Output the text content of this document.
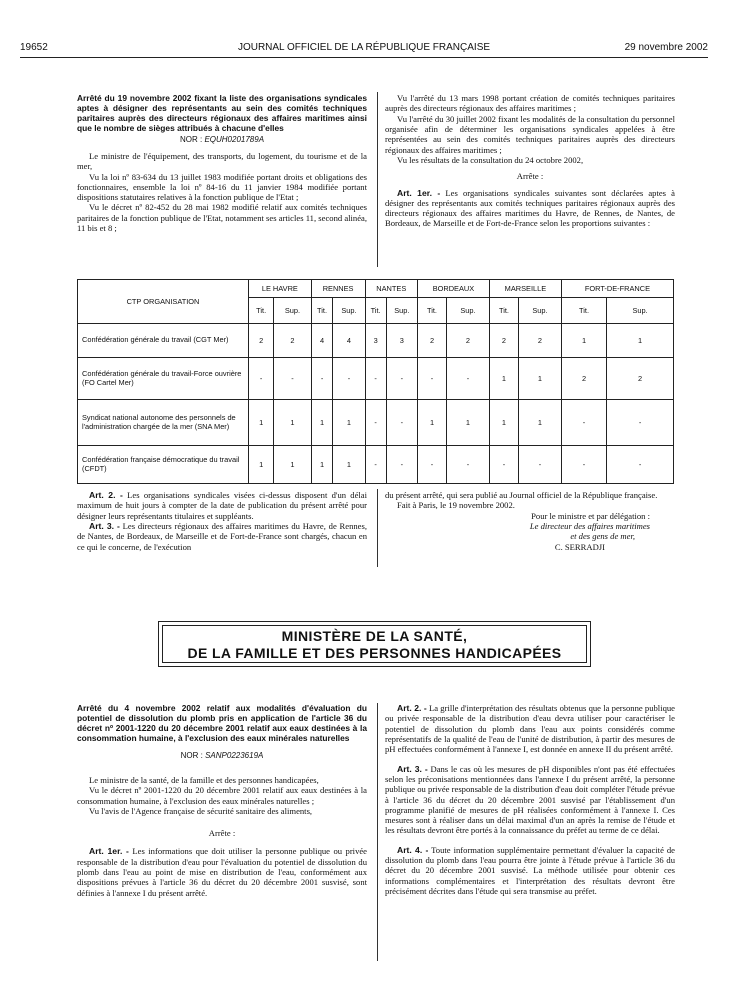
19652	JOURNAL OFFICIEL DE LA RÉPUBLIQUE FRANÇAISE	29 novembre 2002

Arrêté du 19 novembre 2002 fixant la liste des organisations syndicales aptes à désigner des représentants au sein des comités techniques paritaires auprès des directeurs régionaux des affaires maritimes ainsi que le nombre de sièges attribués à chacune d'elles

NOR : EQUH0201789A

Le ministre de l'équipement, des transports, du logement, du tourisme et de la mer,

Vu la loi nº 83-634 du 13 juillet 1983 modifiée portant droits et obligations des fonctionnaires, ensemble la loi nº 84-16 du 11 janvier 1984 modifiée portant dispositions statutaires relatives à la fonction publique de l'Etat ;

Vu le décret nº 82-452 du 28 mai 1982 modifié relatif aux comités techniques paritaires de la fonction publique de l'Etat, notamment ses articles 11, second alinéa, 11 bis et 8 ;

Vu l'arrêté du 13 mars 1998 portant création de comités techniques paritaires auprès des directeurs régionaux des affaires maritimes ;

Vu l'arrêté du 30 juillet 2002 fixant les modalités de la consultation du personnel organisée afin de déterminer les organisations syndicales appelées à être représentées au sein des comités techniques paritaires auprès des directeurs régionaux des affaires maritimes ;

Vu les résultats de la consultation du 24 octobre 2002,

Arrête :

Art. 1er. - Les organisations syndicales suivantes sont déclarées aptes à désigner des représentants aux comités techniques paritaires régionaux auprès des directeurs régionaux des affaires maritimes du Havre, de Rennes, de Nantes, de Bordeaux, de Marseille et de Fort-de-France selon les proportions suivantes :

CTP ORGANISATION	LE HAVRE		RENNES		NANTES		BORDEAUX		MARSEILLE		FORT-DE-FRANCE	
	Tit.	Sup.	Tit.	Sup.	Tit.	Sup.	Tit.	Sup.	Tit.	Sup.	Tit.	Sup.
Confédération générale du travail (CGT Mer)	2	2	4	4	3	3	2	2	2	2	1	1
Confédération générale du travail-Force ouvrière (FO Cartel Mer)	-	-	-	-	-	-	-	-	1	1	2	2
Syndicat national autonome des personnels de l'administration chargée de la mer (SNA Mer)	1	1	1	1	-	-	1	1	1	1	-	-
Confédération française démocratique du travail (CFDT)	1	1	1	1	-	-	-	-	-	-	-	-

Art. 2. - Les organisations syndicales visées ci-dessus disposent d'un délai maximum de huit jours à compter de la date de publication du présent arrêté pour désigner leurs représentants titulaires et suppléants.

Art. 3. - Les directeurs régionaux des affaires maritimes du Havre, de Rennes, de Nantes, de Bordeaux, de Marseille et de Fort-de-France sont chargés, chacun en ce qui le concerne, de l'exécution

du présent arrêté, qui sera publié au Journal officiel de la République française.

Fait à Paris, le 19 novembre 2002.

Pour le ministre et par délégation :

Le directeur des affaires maritimes

et des gens de mer,

C. SERRADJI

MINISTÈRE DE LA SANTÉ,
DE LA FAMILLE ET DES PERSONNES HANDICAPÉES

Arrêté du 4 novembre 2002 relatif aux modalités d'évaluation du potentiel de dissolution du plomb pris en application de l'article 36 du décret nº 2001-1220 du 20 décembre 2001 relatif aux eaux destinées à la consommation humaine, à l'exclusion des eaux minérales naturelles

NOR : SANP0223619A

Le ministre de la santé, de la famille et des personnes handicapées,

Vu le décret nº 2001-1220 du 20 décembre 2001 relatif aux eaux destinées à la consommation humaine, à l'exclusion des eaux minérales naturelles ;

Vu l'avis de l'Agence française de sécurité sanitaire des aliments,

Arrête :

Art. 1er. - Les informations que doit utiliser la personne publique ou privée responsable de la distribution d'eau pour l'évaluation du potentiel de dissolution du plomb dans l'eau au point de mise en distribution de l'eau, conformément aux dispositions prévues à l'article 36 du décret du 20 décembre 2001 susvisé, sont définies à l'annexe I du présent arrêté.

Art. 2. - La grille d'interprétation des résultats obtenus que la personne publique ou privée responsable de la distribution d'eau devra utiliser pour caractériser le potentiel de dissolution du plomb dans l'eau aux points considérés comme représentatifs de la qualité de l'eau de l'unité de distribution, à partir des mesures de pH effectuées conformément à l'annexe I, est donnée en annexe II du présent arrêté.

Art. 3. - Dans le cas où les mesures de pH disponibles n'ont pas été effectuées selon les préconisations mentionnées dans l'annexe I du présent arrêté, la personne publique ou privée responsable de la distribution d'eau doit compléter l'étude prévue à l'article 36 du décret du 20 décembre 2001 susvisé par l'établissement d'un programme planifié de mesures de pH réalisées conformément à l'annexe I. Ces mesures sont à réaliser dans un délai maximal d'un an après la remise de l'étude et les résultats devront être portés à la connaissance du préfet au terme de ce délai.

Art. 4. - Toute information supplémentaire permettant d'évaluer la capacité de dissolution du plomb dans l'eau pourra être jointe à l'étude prévue à l'article 36 du décret du 20 décembre 2001 susvisé. La méthode utilisée pour obtenir ces informations complémentaires et l'interprétation des résultats devront être précisément décrites dans l'étude qui sera transmise au préfet.
